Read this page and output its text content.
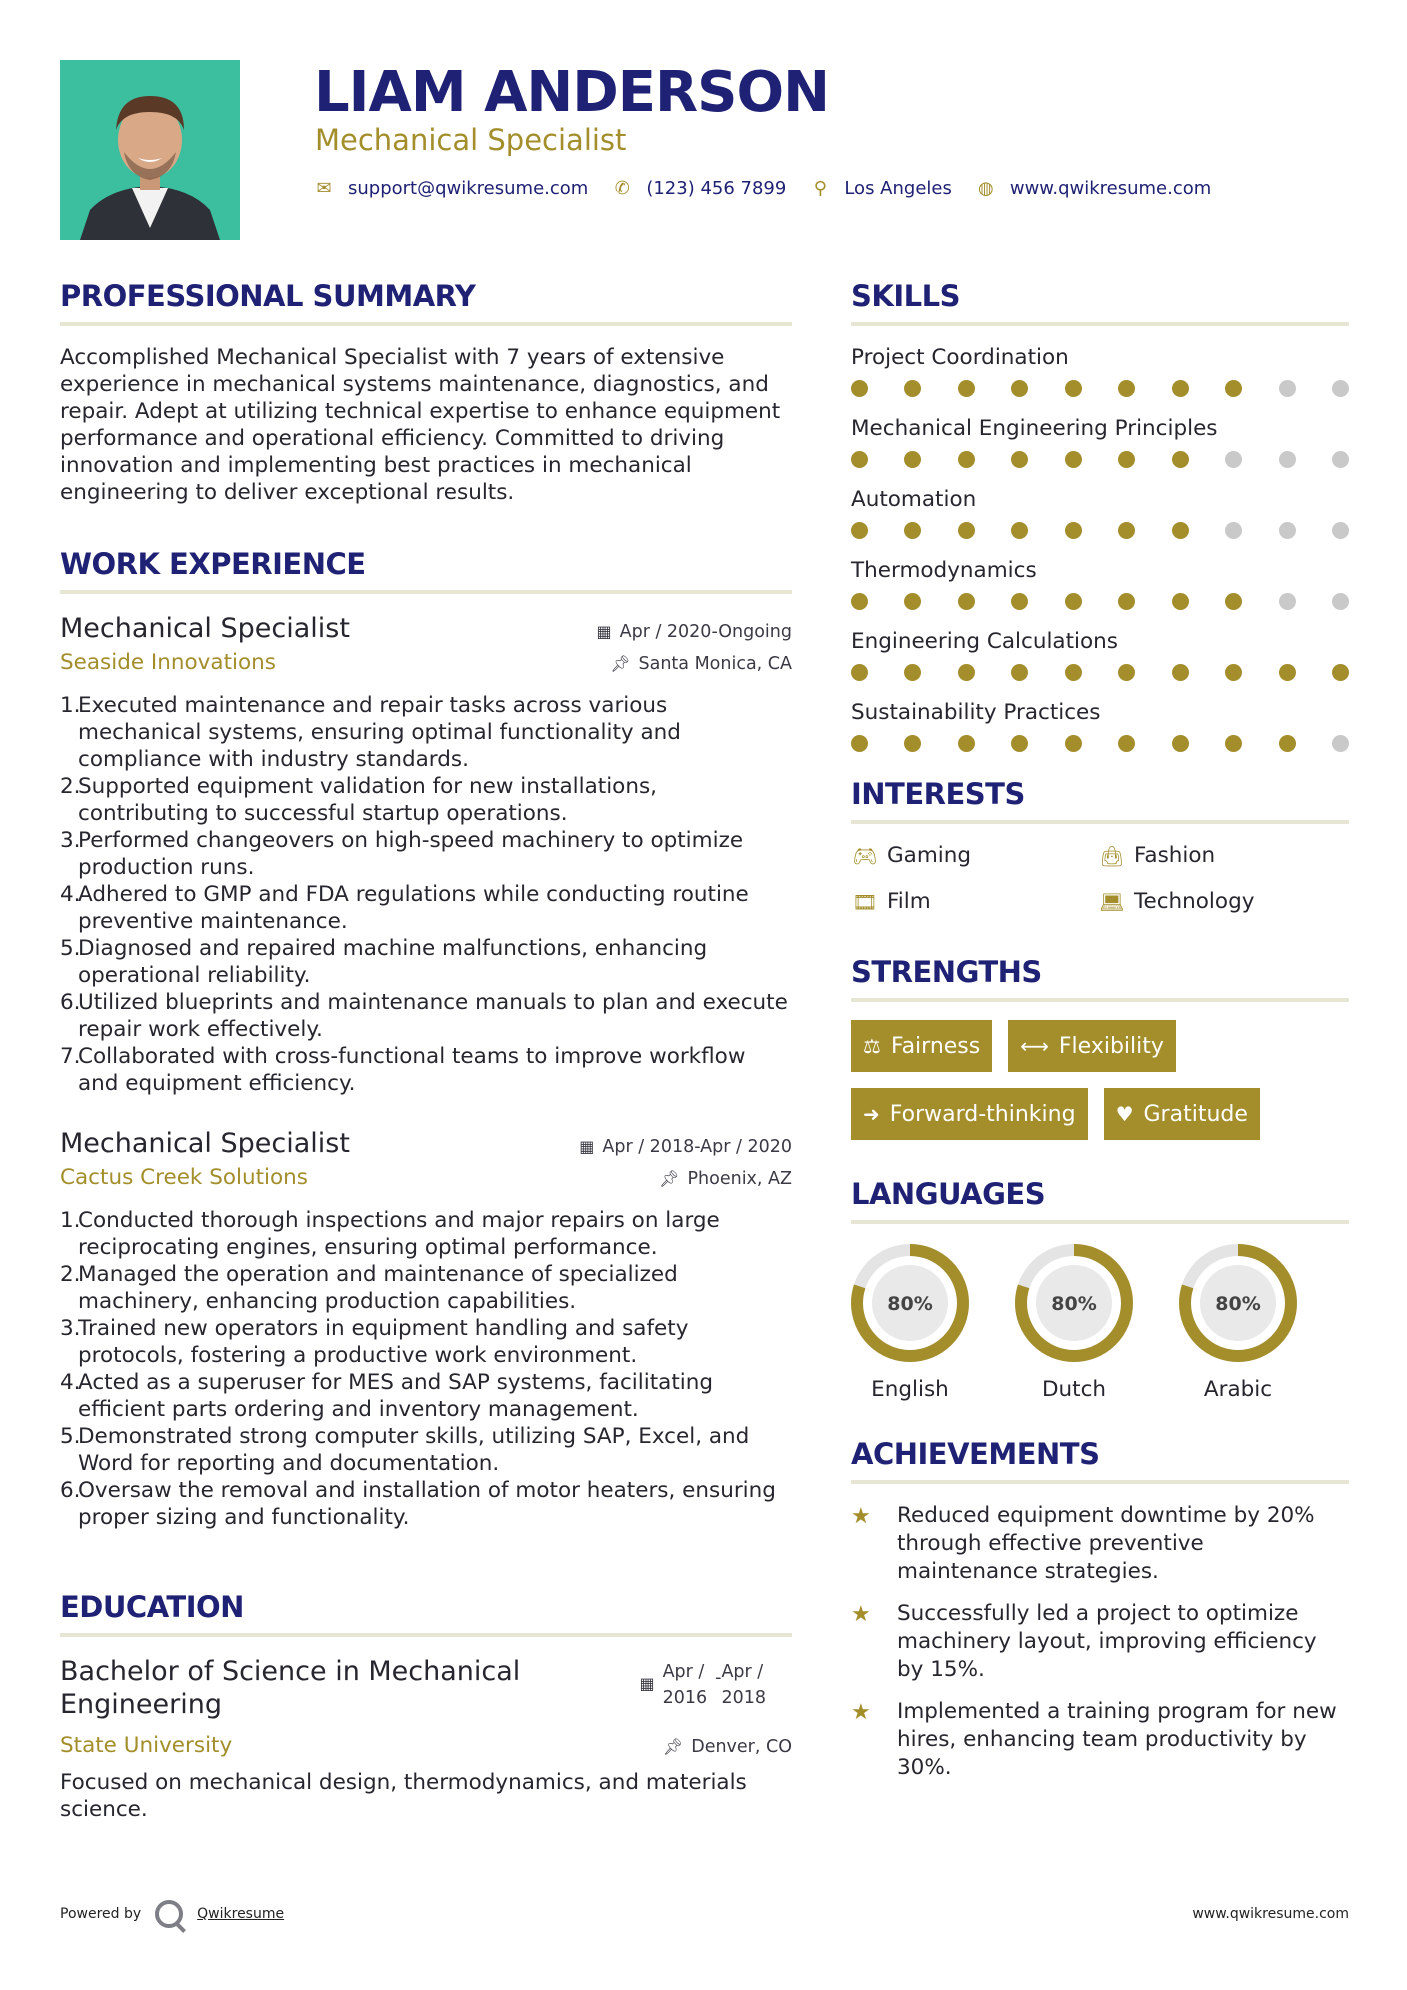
LIAM ANDERSON
Mechanical Specialist
✉ support@qwikresume.com ✆ (123) 456 7899 ⚲ Los Angeles ◍ www.qwikresume.com
PROFESSIONAL SUMMARY
Accomplished Mechanical Specialist with 7 years of extensive experience in mechanical systems maintenance, diagnostics, and repair. Adept at utilizing technical expertise to enhance equipment performance and operational efficiency. Committed to driving innovation and implementing best practices in mechanical engineering to deliver exceptional results.
WORK EXPERIENCE
Mechanical Specialist	▦ Apr / 2020-Ongoing
Seaside Innovations	📌︎ Santa Monica, CA
1.
Executed maintenance and repair tasks across various mechanical systems, ensuring optimal functionality and compliance with industry standards.
2.
Supported equipment validation for new installations, contributing to successful startup operations.
3.
Performed changeovers on high-speed machinery to optimize production runs.
4.
Adhered to GMP and FDA regulations while conducting routine preventive maintenance.
5.
Diagnosed and repaired machine malfunctions, enhancing operational reliability.
6.
Utilized blueprints and maintenance manuals to plan and execute repair work effectively.
7.
Collaborated with cross-functional teams to improve workflow and equipment efficiency.
Mechanical Specialist	▦ Apr / 2018-Apr / 2020
Cactus Creek Solutions	📌︎ Phoenix, AZ
1.
Conducted thorough inspections and major repairs on large reciprocating engines, ensuring optimal performance.
2.
Managed the operation and maintenance of specialized machinery, enhancing production capabilities.
3.
Trained new operators in equipment handling and safety protocols, fostering a productive work environment.
4.
Acted as a superuser for MES and SAP systems, facilitating efficient parts ordering and inventory management.
5.
Demonstrated strong computer skills, utilizing SAP, Excel, and Word for reporting and documentation.
6.
Oversaw the removal and installation of motor heaters, ensuring proper sizing and functionality.
EDUCATION
Bachelor of Science in Mechanical Engineering
▦
Apr /
2016
- Apr /
2018
State University	📌︎ Denver, CO
Focused on mechanical design, thermodynamics, and materials science.
SKILLS
Project Coordination
Mechanical Engineering Principles
Automation
Thermodynamics
Engineering Calculations
Sustainability Practices
INTERESTS
🎮︎ Gaming	👜︎ Fashion
🎞︎ Film	💻︎ Technology
STRENGTHS
⚖ Fairness ⟷ Flexibility
➜ Forward-thinking ♥ Gratitude
LANGUAGES
80%
English
80%
Dutch
80%
Arabic
ACHIEVEMENTS
★	Reduced equipment downtime by 20% through effective preventive maintenance strategies.
★	Successfully led a project to optimize machinery layout, improving efficiency by 15%.
★	Implemented a training program for new hires, enhancing team productivity by 30%.
Powered by	Qwikresume	www.qwikresume.com
